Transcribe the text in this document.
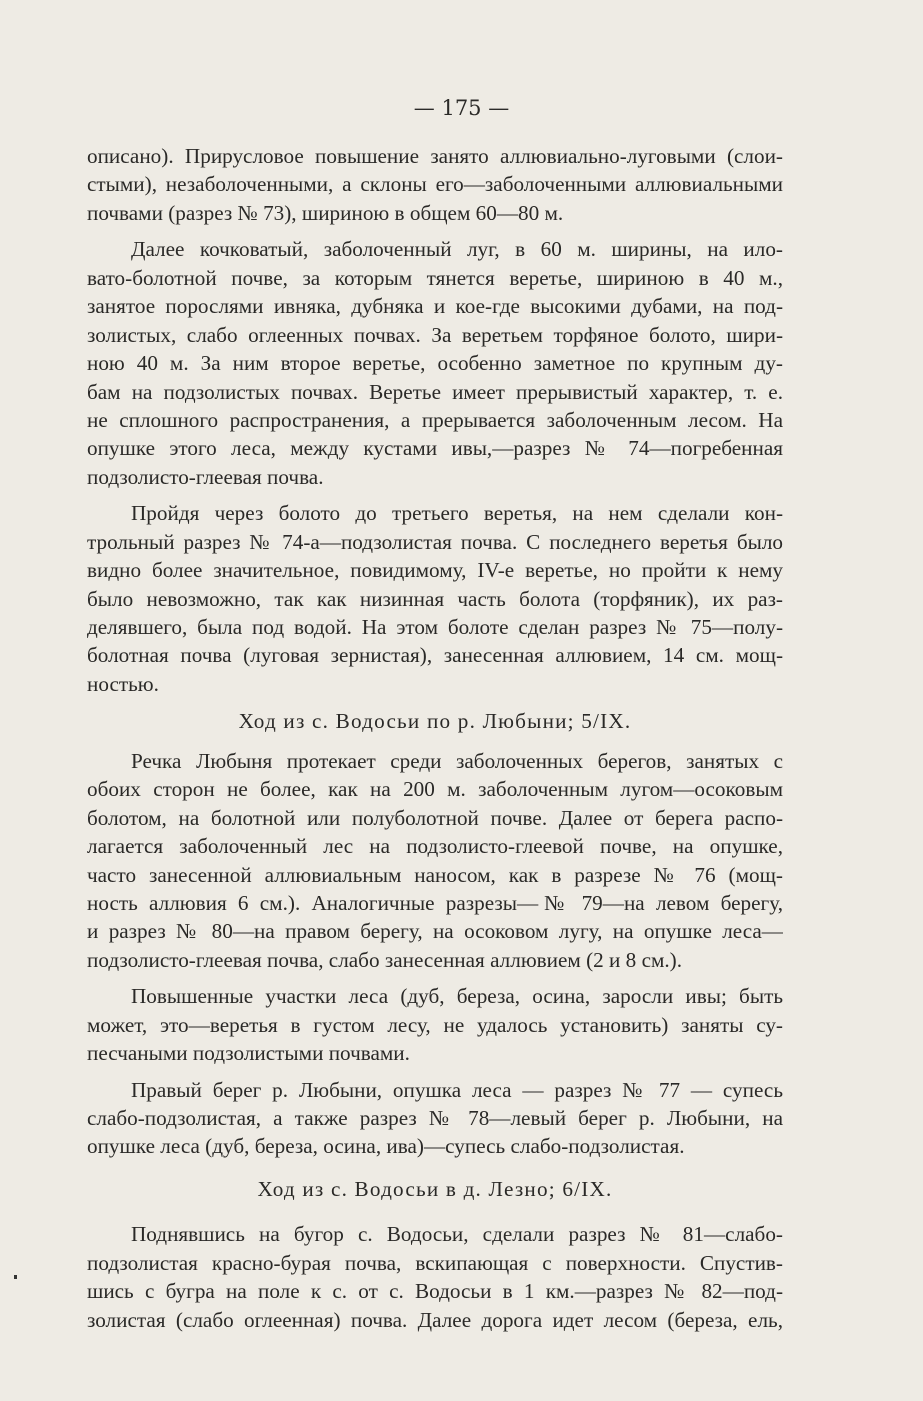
— 175 —
описано). Прирусловое повышение занято аллювиально-луговыми (слои-
стыми), незаболоченными, а склоны его—заболоченными аллювиальными
почвами (разрез № 73), шириною в общем 60—80 м.
Далее кочковатый, заболоченный луг, в 60 м. ширины, на ило-
вато-болотной почве, за которым тянется веретье, шириною в 40 м.,
занятое порослями ивняка, дубняка и кое-где высокими дубами, на под-
золистых, слабо оглеенных почвах. За веретьем торфяное болото, шири-
ною 40 м. За ним второе веретье, особенно заметное по крупным ду-
бам на подзолистых почвах. Веретье имеет прерывистый характер, т. е.
не сплошного распространения, а прерывается заболоченным лесом. На
опушке этого леса, между кустами ивы,—разрез № 74—погребенная
подзолисто-глеевая почва.
Пройдя через болото до третьего веретья, на нем сделали кон-
трольный разрез № 74-а—подзолистая почва. С последнего веретья было
видно более значительное, повидимому, IV-е веретье, но пройти к нему
было невозможно, так как низинная часть болота (торфяник), их раз-
делявшего, была под водой. На этом болоте сделан разрез № 75—полу-
болотная почва (луговая зернистая), занесенная аллювием, 14 см. мощ-
ностью.
Ход из с. Водосьи по р. Любыни; 5/IX.
Речка Любыня протекает среди заболоченных берегов, занятых с
обоих сторон не более, как на 200 м. заболоченным лугом—осоковым
болотом, на болотной или полуболотной почве. Далее от берега распо-
лагается заболоченный лес на подзолисто-глеевой почве, на опушке,
часто занесенной аллювиальным наносом, как в разрезе № 76 (мощ-
ность аллювия 6 см.). Аналогичные разрезы—№ 79—на левом берегу,
и разрез № 80—на правом берегу, на осоковом лугу, на опушке леса—
подзолисто-глеевая почва, слабо занесенная аллювием (2 и 8 см.).
Повышенные участки леса (дуб, береза, осина, заросли ивы; быть
может, это—веретья в густом лесу, не удалось установить) заняты су-
песчаными подзолистыми почвами.
Правый берег р. Любыни, опушка леса — разрез № 77 — супесь
слабо-подзолистая, а также разрез № 78—левый берег р. Любыни, на
опушке леса (дуб, береза, осина, ива)—супесь слабо-подзолистая.
Ход из с. Водосьи в д. Лезно; 6/IX.
Поднявшись на бугор с. Водосьи, сделали разрез № 81—слабо-
подзолистая красно-бурая почва, вскипающая с поверхности. Спустив-
шись с бугра на поле к с. от с. Водосьи в 1 км.—разрез № 82—под-
золистая (слабо оглеенная) почва. Далее дорога идет лесом (береза, ель,
